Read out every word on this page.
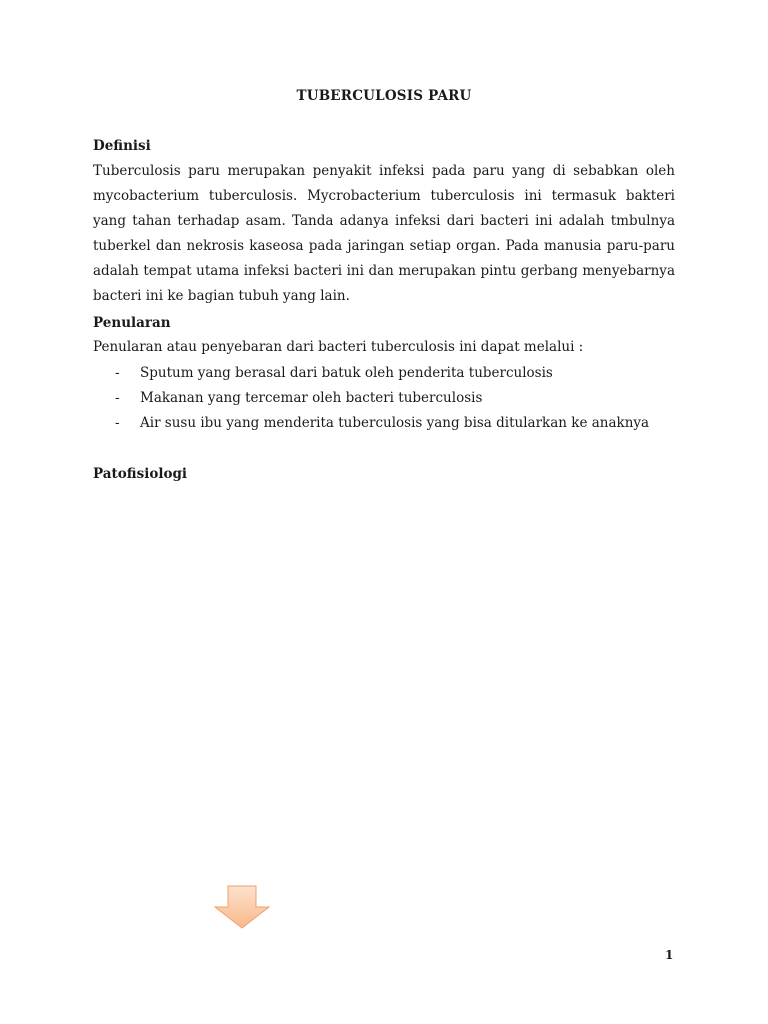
TUBERCULOSIS PARU
Definisi
Tuberculosis paru merupakan penyakit infeksi pada paru yang di sebabkan oleh mycobacterium tuberculosis. Mycrobacterium tuberculosis ini termasuk bakteri yang tahan terhadap asam. Tanda adanya infeksi dari bacteri ini adalah tmbulnya tuberkel dan nekrosis kaseosa pada jaringan setiap organ. Pada manusia paru-paru adalah tempat utama infeksi bacteri ini dan merupakan pintu gerbang menyebarnya bacteri ini ke bagian tubuh yang lain.
Penularan
Penularan atau penyebaran dari bacteri tuberculosis ini dapat melalui :
- Sputum yang berasal dari batuk oleh penderita tuberculosis
- Makanan yang tercemar oleh bacteri tuberculosis
- Air susu ibu yang menderita tuberculosis yang bisa ditularkan ke anaknya
Patofisiologi
1
